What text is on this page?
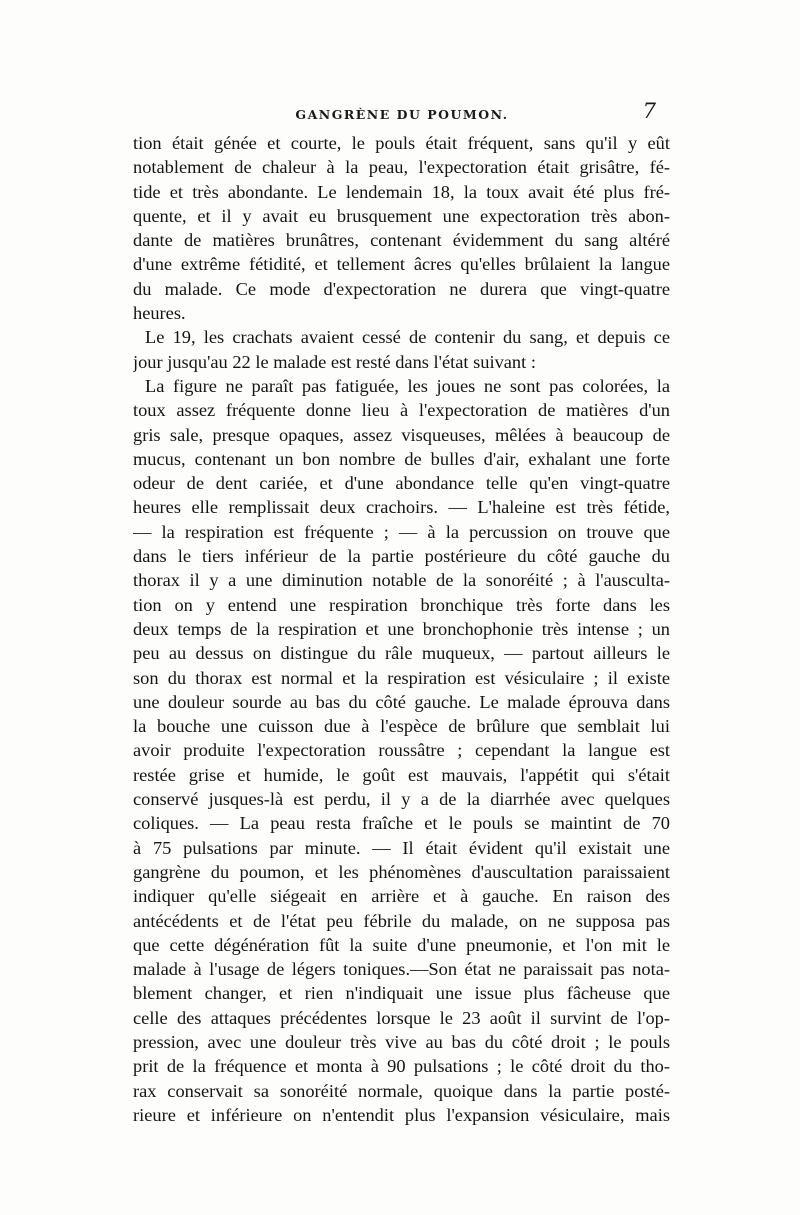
GANGRÈNE DU POUMON.	7
tion était génée et courte, le pouls était fréquent, sans qu'il y eût
notablement de chaleur à la peau, l'expectoration était grisâtre, fé-
tide et très abondante. Le lendemain 18, la toux avait été plus fré-
quente, et il y avait eu brusquement une expectoration très abon-
dante de matières brunâtres, contenant évidemment du sang altéré
d'une extrême fétidité, et tellement âcres qu'elles brûlaient la langue
du malade. Ce mode d'expectoration ne durera que vingt-quatre
heures.
Le 19, les crachats avaient cessé de contenir du sang, et depuis ce
jour jusqu'au 22 le malade est resté dans l'état suivant :
La figure ne paraît pas fatiguée, les joues ne sont pas colorées, la
toux assez fréquente donne lieu à l'expectoration de matières d'un
gris sale, presque opaques, assez visqueuses, mêlées à beaucoup de
mucus, contenant un bon nombre de bulles d'air, exhalant une forte
odeur de dent cariée, et d'une abondance telle qu'en vingt-quatre
heures elle remplissait deux crachoirs. — L'haleine est très fétide,
— la respiration est fréquente ; — à la percussion on trouve que
dans le tiers inférieur de la partie postérieure du côté gauche du
thorax il y a une diminution notable de la sonoréité ; à l'ausculta-
tion on y entend une respiration bronchique très forte dans les
deux temps de la respiration et une bronchophonie très intense ; un
peu au dessus on distingue du râle muqueux, — partout ailleurs le
son du thorax est normal et la respiration est vésiculaire ; il existe
une douleur sourde au bas du côté gauche. Le malade éprouva dans
la bouche une cuisson due à l'espèce de brûlure que semblait lui
avoir produite l'expectoration roussâtre ; cependant la langue est
restée grise et humide, le goût est mauvais, l'appétit qui s'était
conservé jusques-là est perdu, il y a de la diarrhée avec quelques
coliques. — La peau resta fraîche et le pouls se maintint de 70
à 75 pulsations par minute. — Il était évident qu'il existait une
gangrène du poumon, et les phénomènes d'auscultation paraissaient
indiquer qu'elle siégeait en arrière et à gauche. En raison des
antécédents et de l'état peu fébrile du malade, on ne supposa pas
que cette dégénération fût la suite d'une pneumonie, et l'on mit le
malade à l'usage de légers toniques.—Son état ne paraissait pas nota-
blement changer, et rien n'indiquait une issue plus fâcheuse que
celle des attaques précédentes lorsque le 23 août il survint de l'op-
pression, avec une douleur très vive au bas du côté droit ; le pouls
prit de la fréquence et monta à 90 pulsations ; le côté droit du tho-
rax conservait sa sonoréité normale, quoique dans la partie posté-
rieure et inférieure on n'entendit plus l'expansion vésiculaire, mais
